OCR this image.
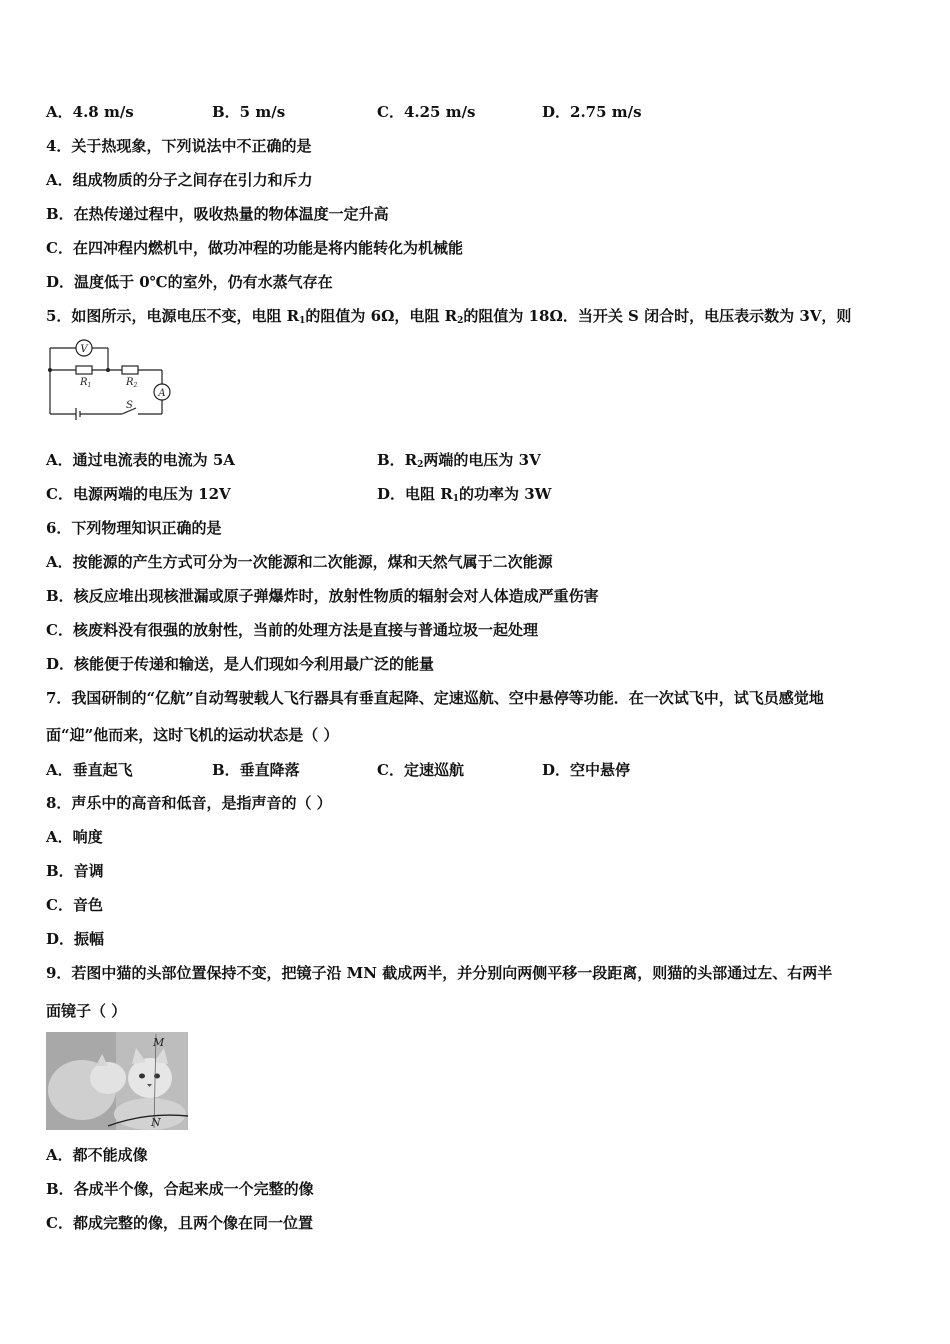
A．4.8 m/s	B．5 m/s	C．4.25 m/s	D．2.75 m/s
4．关于热现象，下列说法中不正确的是
A．组成物质的分子之间存在引力和斥力
B．在热传递过程中，吸收热量的物体温度一定升高
C．在四冲程内燃机中，做功冲程的功能是将内能转化为机械能
D．温度低于 0℃的室外，仍有水蒸气存在
5．如图所示，电源电压不变，电阻 $R_1$的阻值为 6Ω，电阻 $R_2$的阻值为 18Ω．当开关 S 闭合时，电压表示数为 3V，则
V
A
$R_1$	$R_2$
S
A．通过电流表的电流为 5A	B．$R_2$两端的电压为 3V
C．电源两端的电压为 12V	D．电阻 $R_1$的功率为 3W
6．下列物理知识正确的是
A．按能源的产生方式可分为一次能源和二次能源，煤和天然气属于二次能源
B．核反应堆出现核泄漏或原子弹爆炸时，放射性物质的辐射会对人体造成严重伤害
C．核废料没有很强的放射性，当前的处理方法是直接与普通垃圾一起处理
D．核能便于传递和输送，是人们现如今利用最广泛的能量
7．我国研制的“亿航”自动驾驶载人飞行器具有垂直起降、定速巡航、空中悬停等功能．在一次试飞中，试飞员感觉地
面“迎”他而来，这时飞机的运动状态是（ ）
A．垂直起飞	B．垂直降落	C．定速巡航	D．空中悬停
8．声乐中的高音和低音，是指声音的（ ）
A．响度
B．音调
C．音色
D．振幅
9．若图中猫的头部位置保持不变，把镜子沿 MN 截成两半，并分别向两侧平移一段距离，则猫的头部通过左、右两半
面镜子（ ）
M
N
A．都不能成像
B．各成半个像，合起来成一个完整的像
C．都成完整的像，且两个像在同一位置
